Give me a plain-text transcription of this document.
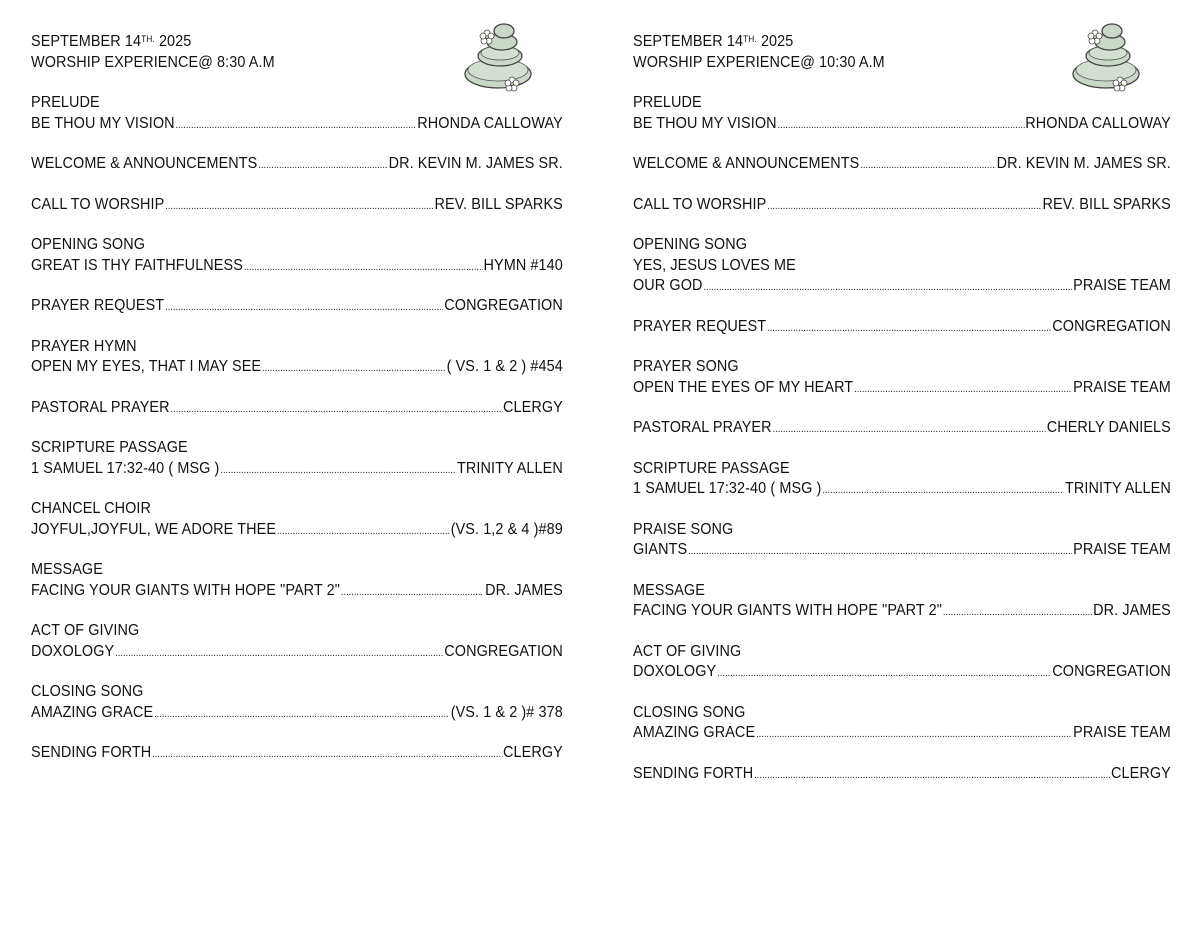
SEPTEMBER $14^{TH.}$ 2025
WORSHIP EXPERIENCE@ 8:30 A.M
PRELUDE
BE THOU MY VISION .....	RHONDA CALLOWAY
WELCOME & ANNOUNCEMENTS .....	DR. KEVIN M. JAMES SR.
CALL TO WORSHIP .....	REV. BILL SPARKS
OPENING SONG
GREAT IS THY FAITHFULNESS .....	HYMN #140
PRAYER REQUEST .....	CONGREGATION
PRAYER HYMN
OPEN MY EYES, THAT I MAY SEE .....	( VS. 1 & 2 ) #454
PASTORAL PRAYER .....	CLERGY
SCRIPTURE PASSAGE
1 SAMUEL 17:32-40 ( MSG ) .....	TRINITY ALLEN
CHANCEL CHOIR
JOYFUL,JOYFUL, WE ADORE THEE .....	(VS. 1,2 & 4 )#89
MESSAGE
FACING YOUR GIANTS WITH HOPE "PART 2" .....	DR. JAMES
ACT OF GIVING
DOXOLOGY .....	CONGREGATION
CLOSING SONG
AMAZING GRACE .....	(VS. 1 & 2 )# 378
SENDING FORTH .....	CLERGY
SEPTEMBER $14^{TH.}$ 2025
WORSHIP EXPERIENCE@ 10:30 A.M
PRELUDE
BE THOU MY VISION .....	RHONDA CALLOWAY
WELCOME & ANNOUNCEMENTS .....	DR. KEVIN M. JAMES SR.
CALL TO WORSHIP .....	REV. BILL SPARKS
OPENING SONG
YES, JESUS LOVES ME
OUR GOD .....	PRAISE TEAM
PRAYER REQUEST .....	CONGREGATION
PRAYER SONG
OPEN THE EYES OF MY HEART .....	PRAISE TEAM
PASTORAL PRAYER .....	CHERLY DANIELS
SCRIPTURE PASSAGE
1 SAMUEL 17:32-40 ( MSG ) .....	TRINITY ALLEN
PRAISE SONG
GIANTS .....	PRAISE TEAM
MESSAGE
FACING YOUR GIANTS WITH HOPE "PART 2" .....	DR. JAMES
ACT OF GIVING
DOXOLOGY .....	CONGREGATION
CLOSING SONG
AMAZING GRACE .....	PRAISE TEAM
SENDING FORTH .....	CLERGY
